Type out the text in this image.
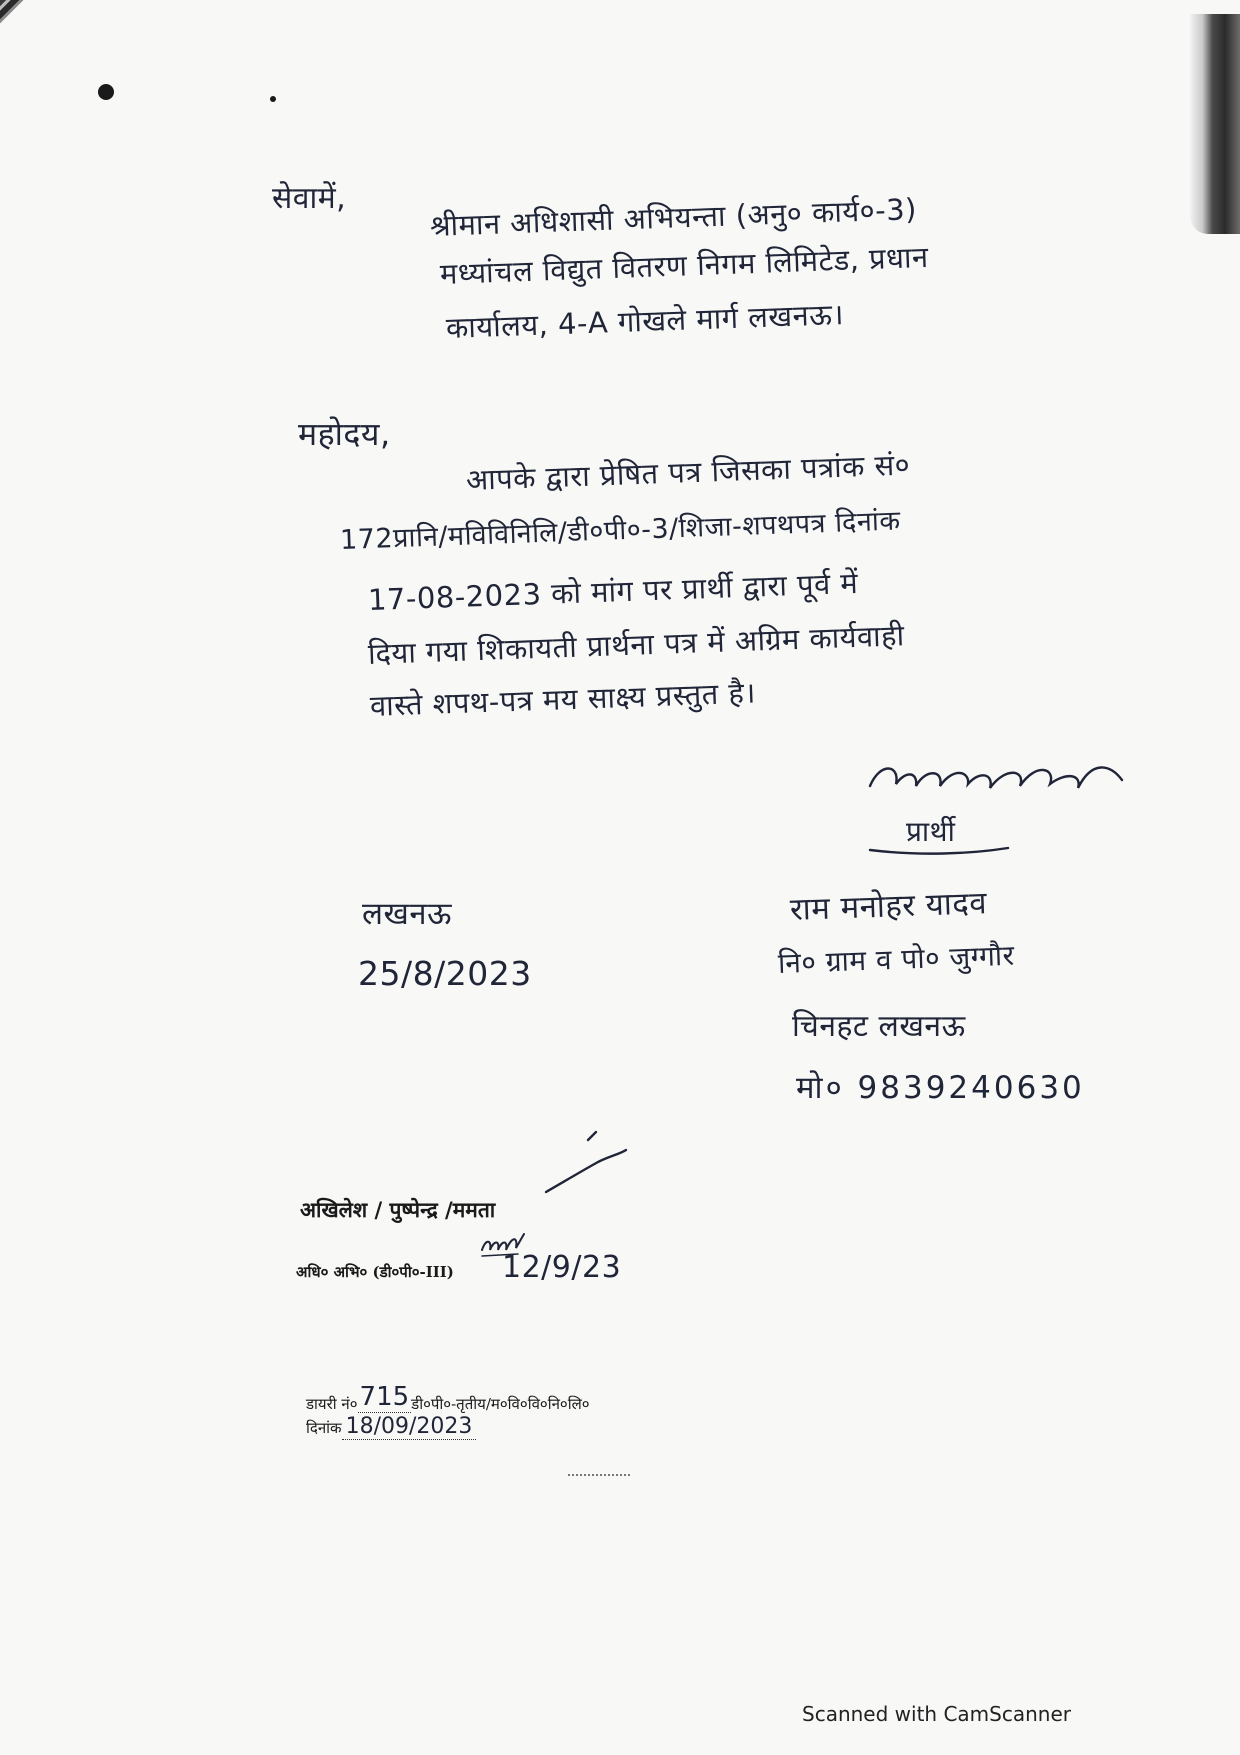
सेवामें,	श्रीमान अधिशासी अभियन्ता (अनु० कार्य०-3)
मध्यांचल विद्युत वितरण निगम लिमिटेड, प्रधान
कार्यालय, 4-A गोखले मार्ग लखनऊ।
महोदय,
आपके द्वारा प्रेषित पत्र जिसका पत्रांक सं०
172प्रानि/मविविनिलि/डी०पी०-3/शिजा-शपथपत्र दिनांक
17-08-2023 को मांग पर प्रार्थी द्वारा पूर्व में
दिया गया शिकायती प्रार्थना पत्र में अग्रिम कार्यवाही
वास्ते शपथ-पत्र मय साक्ष्य प्रस्तुत है।
प्रार्थी
लखनऊ
25/8/2023
राम मनोहर यादव
नि० ग्राम व पो० जुग्गौर
चिनहट लखनऊ
मो० 9839240630
अखिलेश / पुष्पेन्द्र /ममता
अधि० अभि० (डी०पी०-III) 12/9/23
डायरी नं०715 डी०पी०-तृतीय/म०वि०वि०नि०लि०
दिनांक 18/09/2023
Scanned with CamScanner
